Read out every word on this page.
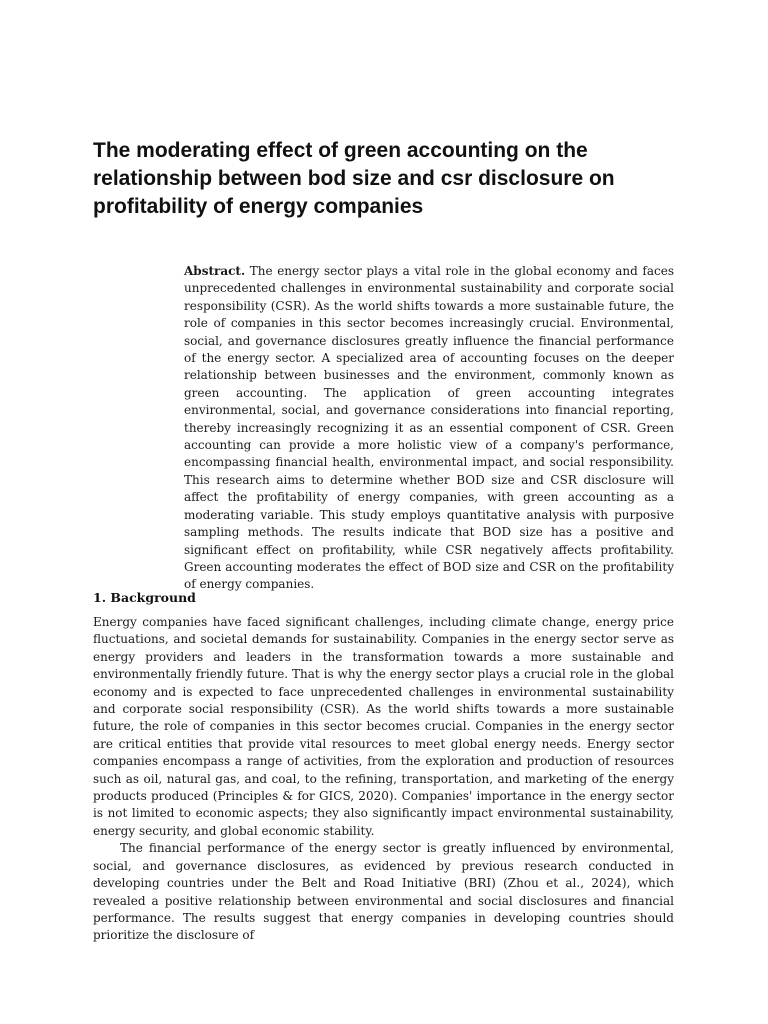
The moderating effect of green accounting on the relationship between bod size and csr disclosure on profitability of energy companies
Abstract. The energy sector plays a vital role in the global economy and faces unprecedented challenges in environmental sustainability and corporate social responsibility (CSR). As the world shifts towards a more sustainable future, the role of companies in this sector becomes increasingly crucial. Environmental, social, and governance disclosures greatly influence the financial performance of the energy sector. A specialized area of accounting focuses on the deeper relationship between businesses and the environment, commonly known as green accounting. The application of green accounting integrates environmental, social, and governance considerations into financial reporting, thereby increasingly recognizing it as an essential component of CSR. Green accounting can provide a more holistic view of a company's performance, encompassing financial health, environmental impact, and social responsibility. This research aims to determine whether BOD size and CSR disclosure will affect the profitability of energy companies, with green accounting as a moderating variable. This study employs quantitative analysis with purposive sampling methods. The results indicate that BOD size has a positive and significant effect on profitability, while CSR negatively affects profitability. Green accounting moderates the effect of BOD size and CSR on the profitability of energy companies.
1. Background

Energy companies have faced significant challenges, including climate change, energy price fluctuations, and societal demands for sustainability. Companies in the energy sector serve as energy providers and leaders in the transformation towards a more sustainable and environmentally friendly future. That is why the energy sector plays a crucial role in the global economy and is expected to face unprecedented challenges in environmental sustainability and corporate social responsibility (CSR). As the world shifts towards a more sustainable future, the role of companies in this sector becomes crucial. Companies in the energy sector are critical entities that provide vital resources to meet global energy needs. Energy sector companies encompass a range of activities, from the exploration and production of resources such as oil, natural gas, and coal, to the refining, transportation, and marketing of the energy products produced (Principles & for GICS, 2020). Companies' importance in the energy sector is not limited to economic aspects; they also significantly impact environmental sustainability, energy security, and global economic stability.

The financial performance of the energy sector is greatly influenced by environmental, social, and governance disclosures, as evidenced by previous research conducted in developing countries under the Belt and Road Initiative (BRI) (Zhou et al., 2024), which revealed a positive relationship between environmental and social disclosures and financial performance. The results suggest that energy companies in developing countries should prioritize the disclosure of
